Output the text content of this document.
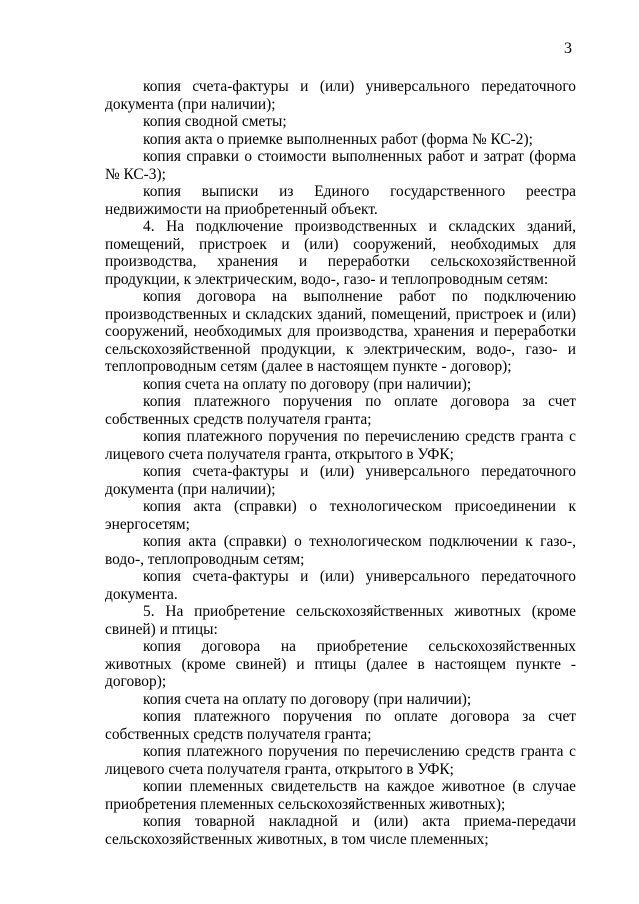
3

копия счета-фактуры и (или) универсального передаточного документа (при наличии);

копия сводной сметы;

копия акта о приемке выполненных работ (форма № КС-2);

копия справки о стоимости выполненных работ и затрат (форма № КС-3);

копия выписки из Единого государственного реестра недвижимости на приобретенный объект.

4. На подключение производственных и складских зданий, помещений, пристроек и (или) сооружений, необходимых для производства, хранения и переработки сельскохозяйственной продукции, к электрическим, водо-, газо- и теплопроводным сетям:

копия договора на выполнение работ по подключению производственных и складских зданий, помещений, пристроек и (или) сооружений, необходимых для производства, хранения и переработки сельскохозяйственной продукции, к электрическим, водо-, газо- и теплопроводным сетям (далее в настоящем пункте - договор);

копия счета на оплату по договору (при наличии);

копия платежного поручения по оплате договора за счет собственных средств получателя гранта;

копия платежного поручения по перечислению средств гранта с лицевого счета получателя гранта, открытого в УФК;

копия счета-фактуры и (или) универсального передаточного документа (при наличии);

копия акта (справки) о технологическом присоединении к энергосетям;

копия акта (справки) о технологическом подключении к газо-, водо-, теплопроводным сетям;

копия счета-фактуры и (или) универсального передаточного документа.

5. На приобретение сельскохозяйственных животных (кроме свиней) и птицы:

копия договора на приобретение сельскохозяйственных животных (кроме свиней) и птицы (далее в настоящем пункте - договор);

копия счета на оплату по договору (при наличии);

копия платежного поручения по оплате договора за счет собственных средств получателя гранта;

копия платежного поручения по перечислению средств гранта с лицевого счета получателя гранта, открытого в УФК;

копии племенных свидетельств на каждое животное (в случае приобретения племенных сельскохозяйственных животных);

копия товарной накладной и (или) акта приема-передачи сельскохозяйственных животных, в том числе племенных;
